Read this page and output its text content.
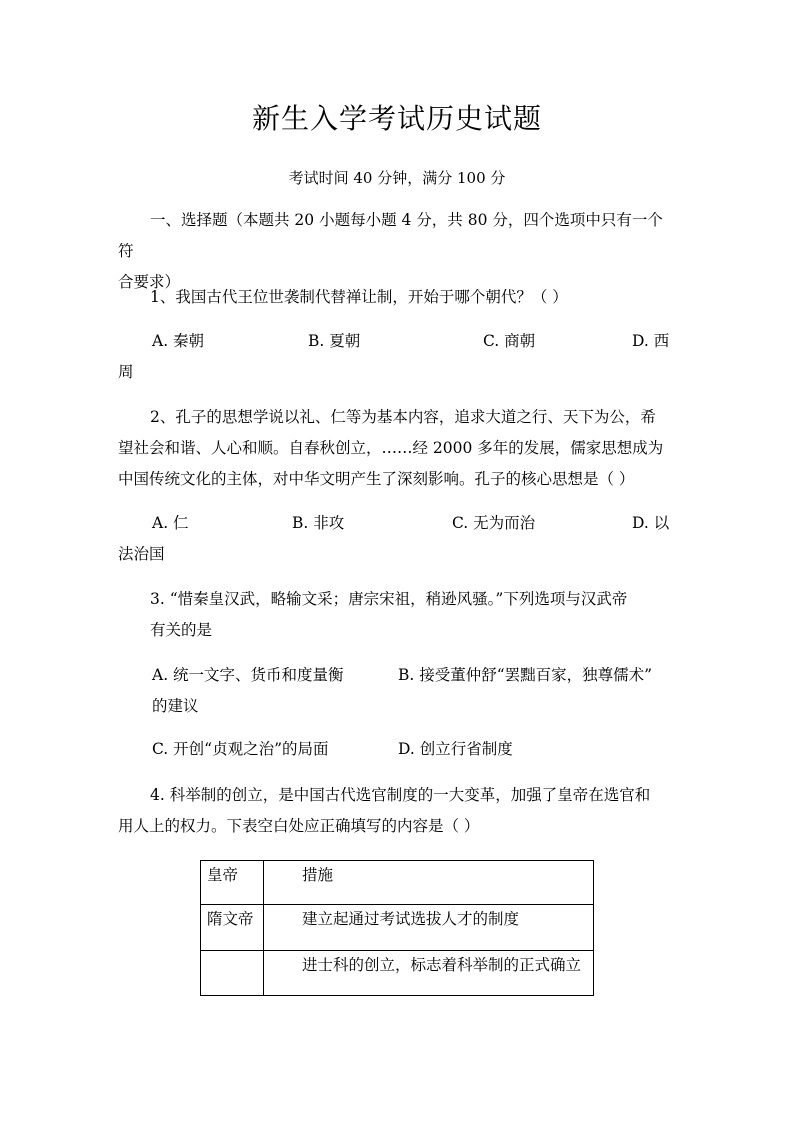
新生入学考试历史试题
考试时间 40 分钟，满分 100 分
一、选择题（本题共 20 小题每小题 4 分，共 80 分，四个选项中只有一个符
合要求）
1、我国古代王位世袭制代替禅让制，开始于哪个朝代？（ ）
A. 秦朝	B. 夏朝	C. 商朝	D. 西
周
2、孔子的思想学说以礼、仁等为基本内容，追求大道之行、天下为公，希
望社会和谐、人心和顺。自春秋创立，……经 2000 多年的发展，儒家思想成为
中国传统文化的主体，对中华文明产生了深刻影响。孔子的核心思想是（ ）
A. 仁	B. 非攻	C. 无为而治	D. 以
法治国
3. “惜秦皇汉武，略输文采；唐宗宋祖，稍逊风骚。”下列选项与汉武帝
有关的是
A. 统一文字、货币和度量衡	B. 接受董仲舒“罢黜百家，独尊儒术”
的建议
C. 开创“贞观之治”的局面	D. 创立行省制度
4. 科举制的创立，是中国古代选官制度的一大变革，加强了皇帝在选官和
用人上的权力。下表空白处应正确填写的内容是（ ）
皇帝	措施
隋文帝	建立起通过考试选拔人才的制度
	进士科的创立，标志着科举制的正式确立
